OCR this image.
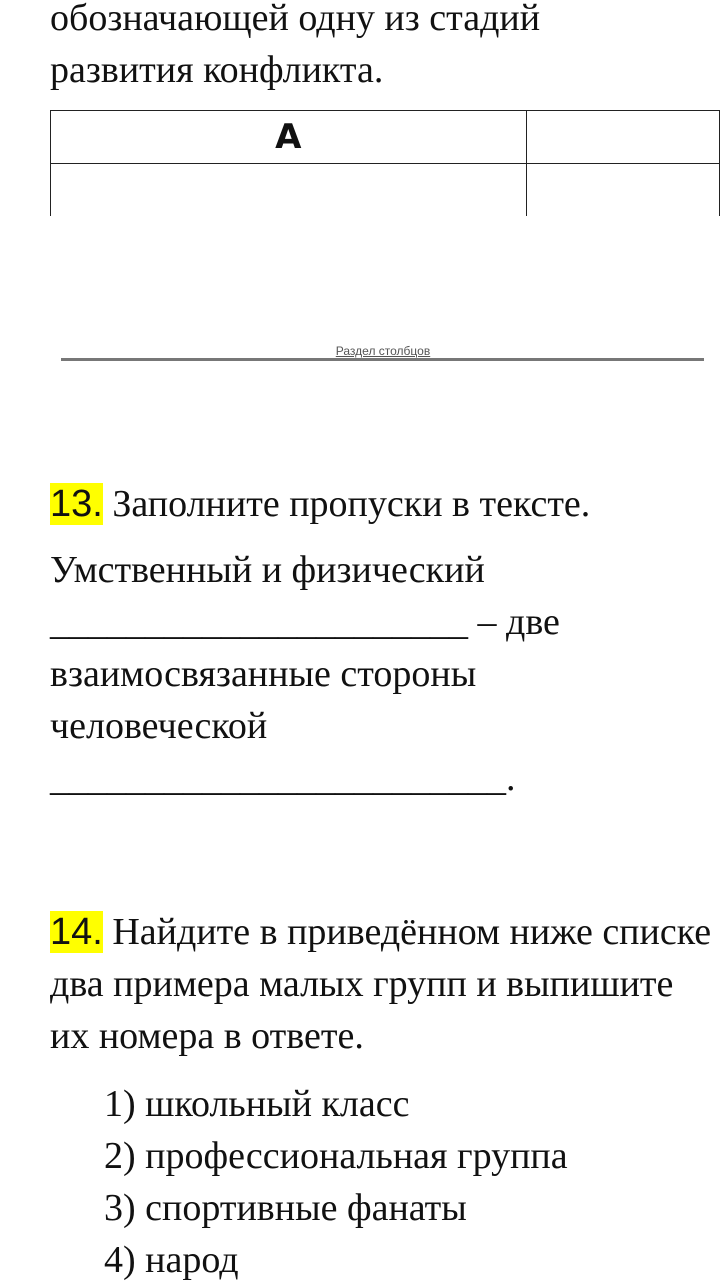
обозначающей одну из стадий

развития конфликта.

А	

Раздел столбцов

13. Заполните пропуски в тексте.

Умственный и физический
______________________ – две
взаимосвязанные стороны
человеческой
________________________.

14. Найдите в приведённом ниже списке два примера малых групп и выпишите их номера в ответе.

1) школьный класс
2) профессиональная группа
3) спортивные фанаты
4) народ
